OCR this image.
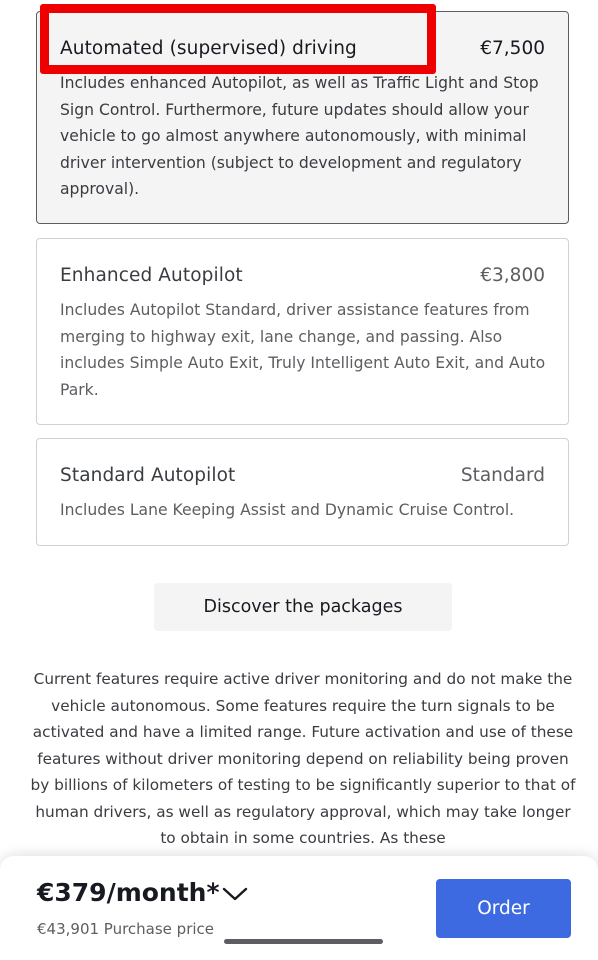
Automated (supervised) driving	€7,500
Includes enhanced Autopilot, as well as Traffic Light and Stop Sign Control. Furthermore, future updates should allow your vehicle to go almost anywhere autonomously, with minimal driver intervention (subject to development and regulatory approval).
Enhanced Autopilot	€3,800
Includes Autopilot Standard, driver assistance features from merging to highway exit, lane change, and passing. Also includes Simple Auto Exit, Truly Intelligent Auto Exit, and Auto Park.
Standard Autopilot	Standard
Includes Lane Keeping Assist and Dynamic Cruise Control.
Discover the packages
Current features require active driver monitoring and do not make the vehicle autonomous. Some features require the turn signals to be activated and have a limited range. Future activation and use of these features without driver monitoring depend on reliability being proven by billions of kilometers of testing to be significantly superior to that of human drivers, as well as regulatory approval, which may take longer to obtain in some countries. As these
€379/month*
€43,901 Purchase price
Order
